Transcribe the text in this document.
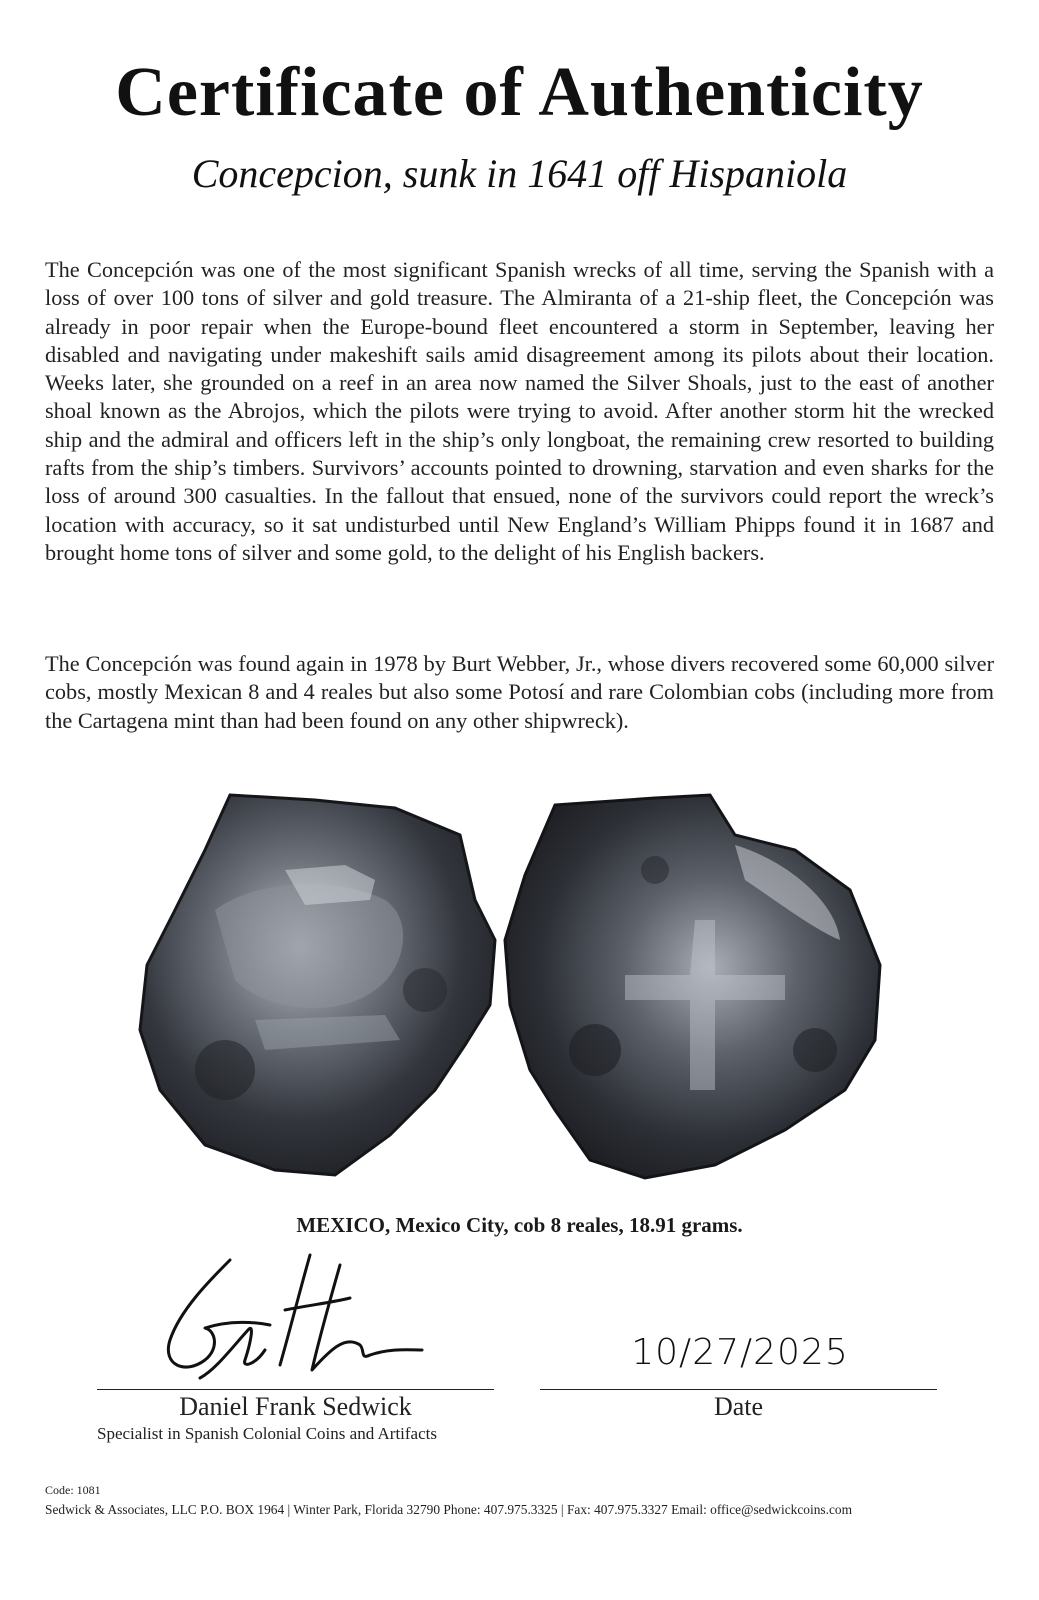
Certificate of Authenticity
Concepcion, sunk in 1641 off Hispaniola

The Concepción was one of the most significant Spanish wrecks of all time, serving the Spanish with a loss of over 100 tons of silver and gold treasure. The Almiranta of a 21-ship fleet, the Concepción was already in poor repair when the Europe-bound fleet encountered a storm in September, leaving her disabled and navigating under makeshift sails amid disagreement among its pilots about their location. Weeks later, she grounded on a reef in an area now named the Silver Shoals, just to the east of another shoal known as the Abrojos, which the pilots were trying to avoid. After another storm hit the wrecked ship and the admiral and officers left in the ship’s only longboat, the remaining crew resorted to building rafts from the ship’s timbers. Survivors’ accounts pointed to drowning, starvation and even sharks for the loss of around 300 casualties. In the fallout that ensued, none of the survivors could report the wreck’s location with accuracy, so it sat undisturbed until New England’s William Phipps found it in 1687 and brought home tons of silver and some gold, to the delight of his English backers.

The Concepción was found again in 1978 by Burt Webber, Jr., whose divers recovered some 60,000 silver cobs, mostly Mexican 8 and 4 reales but also some Potosí and rare Colombian cobs (including more from the Cartagena mint than had been found on any other shipwreck).

MEXICO, Mexico City, cob 8 reales, 18.91 grams.
10/27/2025
Daniel Frank Sedwick
Specialist in Spanish Colonial Coins and Artifacts
Date
Code: 1081
Sedwick & Associates, LLC P.O. BOX 1964 | Winter Park, Florida 32790 Phone: 407.975.3325 | Fax: 407.975.3327 Email: office@sedwickcoins.com
